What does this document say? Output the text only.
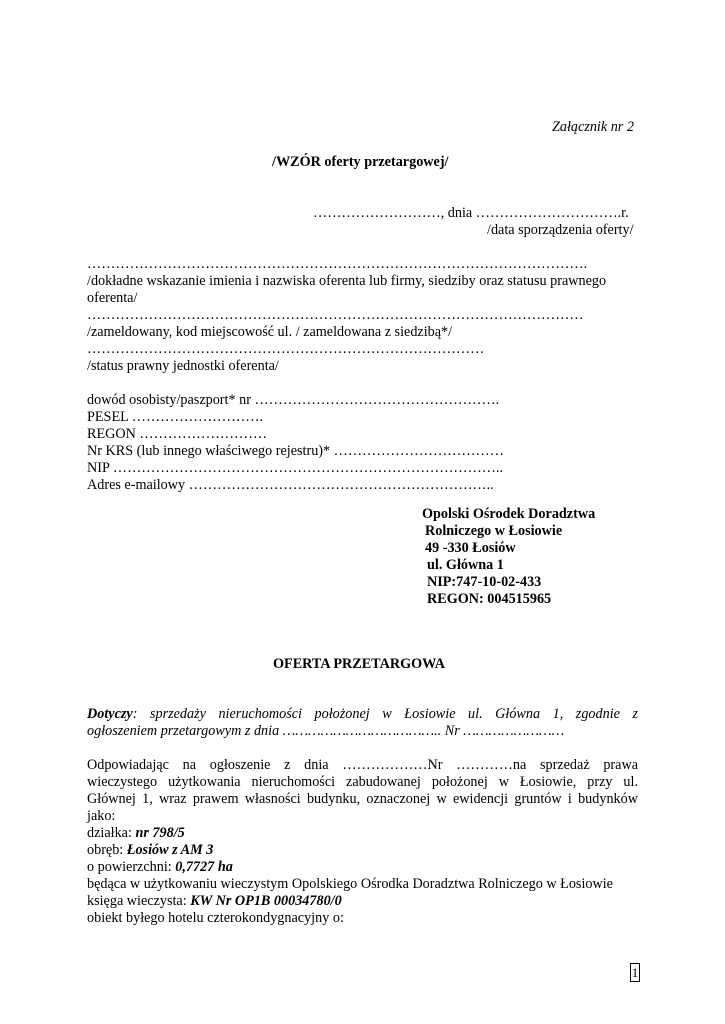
Załącznik nr 2
/WZÓR oferty przetargowej/
………………………, dnia ………………………….r.
/data sporządzenia oferty/
…………………………………………………………………………………………….
/dokładne wskazanie imienia i nazwiska oferenta lub firmy, siedziby oraz statusu prawnego
oferenta/
……………………………………………………………………………………………
/zameldowany, kod miejscowość ul. / zameldowana z siedzibą*/
…………………………………………………………………………
/status prawny jednostki oferenta/
dowód osobisty/paszport* nr …………………………………………….
PESEL ……………………….
REGON ………………………
Nr KRS (lub innego właściwego rejestru)* ………………………………
NIP ………………………………………………………………………..
Adres e-mailowy ………………………………………………………..
Opolski Ośrodek Doradztwa
Rolniczego w Łosiowie
49 -330 Łosiów
ul. Główna 1
NIP:747-10-02-433
REGON: 004515965
OFERTA PRZETARGOWA
Dotyczy: sprzedaży nieruchomości położonej w Łosiowie ul. Główna 1, zgodnie z
ogłoszeniem przetargowym z dnia ……………………………….. Nr ……………………
Odpowiadając na ogłoszenie z dnia ………………Nr …………na sprzedaż prawa
wieczystego użytkowania nieruchomości zabudowanej położonej w Łosiowie, przy ul.
Głównej 1, wraz prawem własności budynku, oznaczonej w ewidencji gruntów i budynków
jako:
działka: nr 798/5
obręb: Łosiów z AM 3
o powierzchni: 0,7727 ha
będąca w użytkowaniu wieczystym Opolskiego Ośrodka Doradztwa Rolniczego w Łosiowie
księga wieczysta: KW Nr OP1B 00034780/0
obiekt byłego hotelu czterokondygnacyjny o:
1
